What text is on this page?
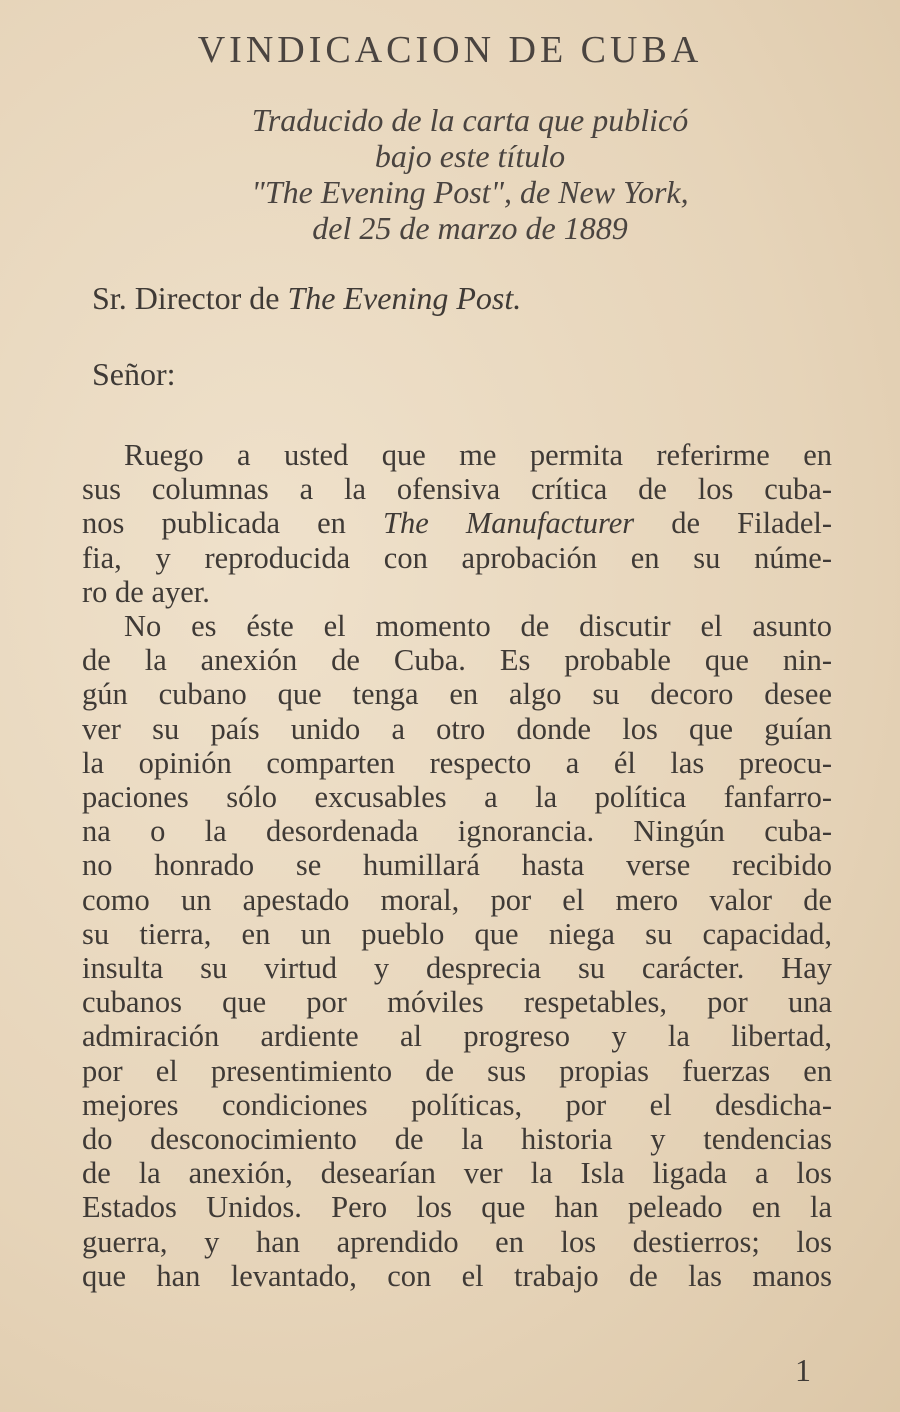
VINDICACION DE CUBA
Traducido de la carta que publicó
bajo este título
"The Evening Post", de New York,
del 25 de marzo de 1889
Sr. Director de The Evening Post.
Señor:

Ruego a usted que me permita referirme en
sus columnas a la ofensiva crítica de los cuba-
nos publicada en The Manufacturer de Filadel-
fia, y reproducida con aprobación en su núme-
ro de ayer.

No es éste el momento de discutir el asunto
de la anexión de Cuba. Es probable que nin-
gún cubano que tenga en algo su decoro desee
ver su país unido a otro donde los que guían
la opinión comparten respecto a él las preocu-
paciones sólo excusables a la política fanfarro-
na o la desordenada ignorancia. Ningún cuba-
no honrado se humillará hasta verse recibido
como un apestado moral, por el mero valor de
su tierra, en un pueblo que niega su capacidad,
insulta su virtud y desprecia su carácter. Hay
cubanos que por móviles respetables, por una
admiración ardiente al progreso y la libertad,
por el presentimiento de sus propias fuerzas en
mejores condiciones políticas, por el desdicha-
do desconocimiento de la historia y tendencias
de la anexión, desearían ver la Isla ligada a los
Estados Unidos. Pero los que han peleado en la
guerra, y han aprendido en los destierros; los
que han levantado, con el trabajo de las manos

1
